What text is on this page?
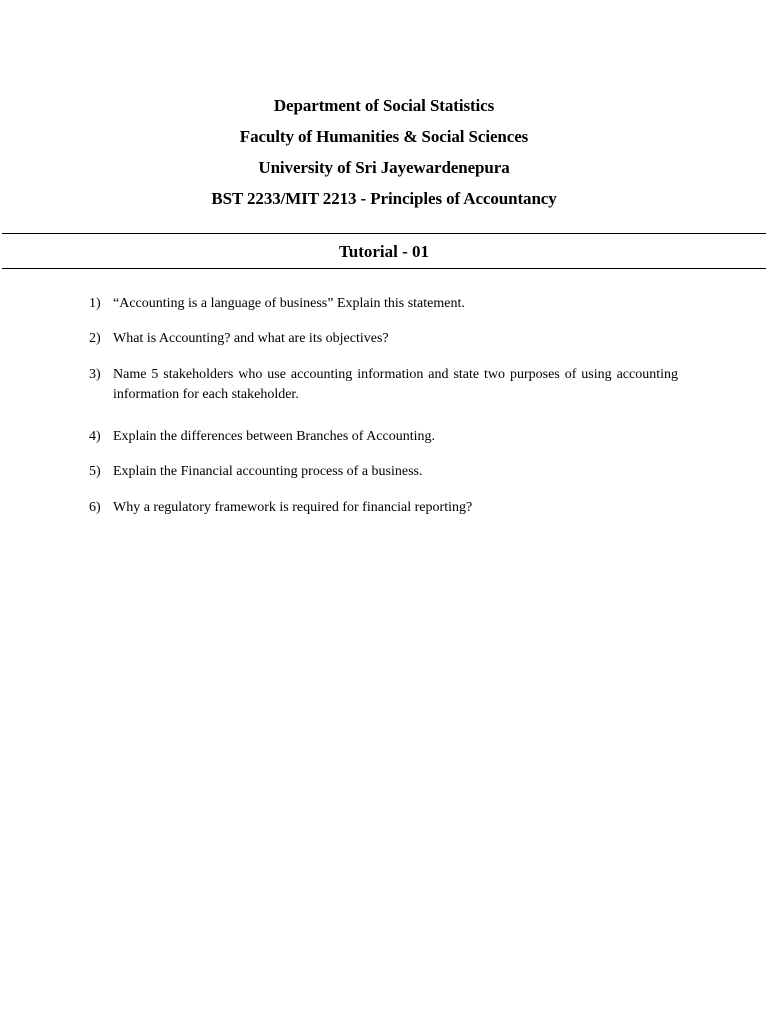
Department of Social Statistics
Faculty of Humanities & Social Sciences
University of Sri Jayewardenepura
BST 2233/MIT 2213 - Principles of Accountancy
Tutorial - 01
1) “Accounting is a language of business” Explain this statement.
2) What is Accounting? and what are its objectives?
3) Name 5 stakeholders who use accounting information and state two purposes of using accounting information for each stakeholder.
4) Explain the differences between Branches of Accounting.
5) Explain the Financial accounting process of a business.
6) Why a regulatory framework is required for financial reporting?
